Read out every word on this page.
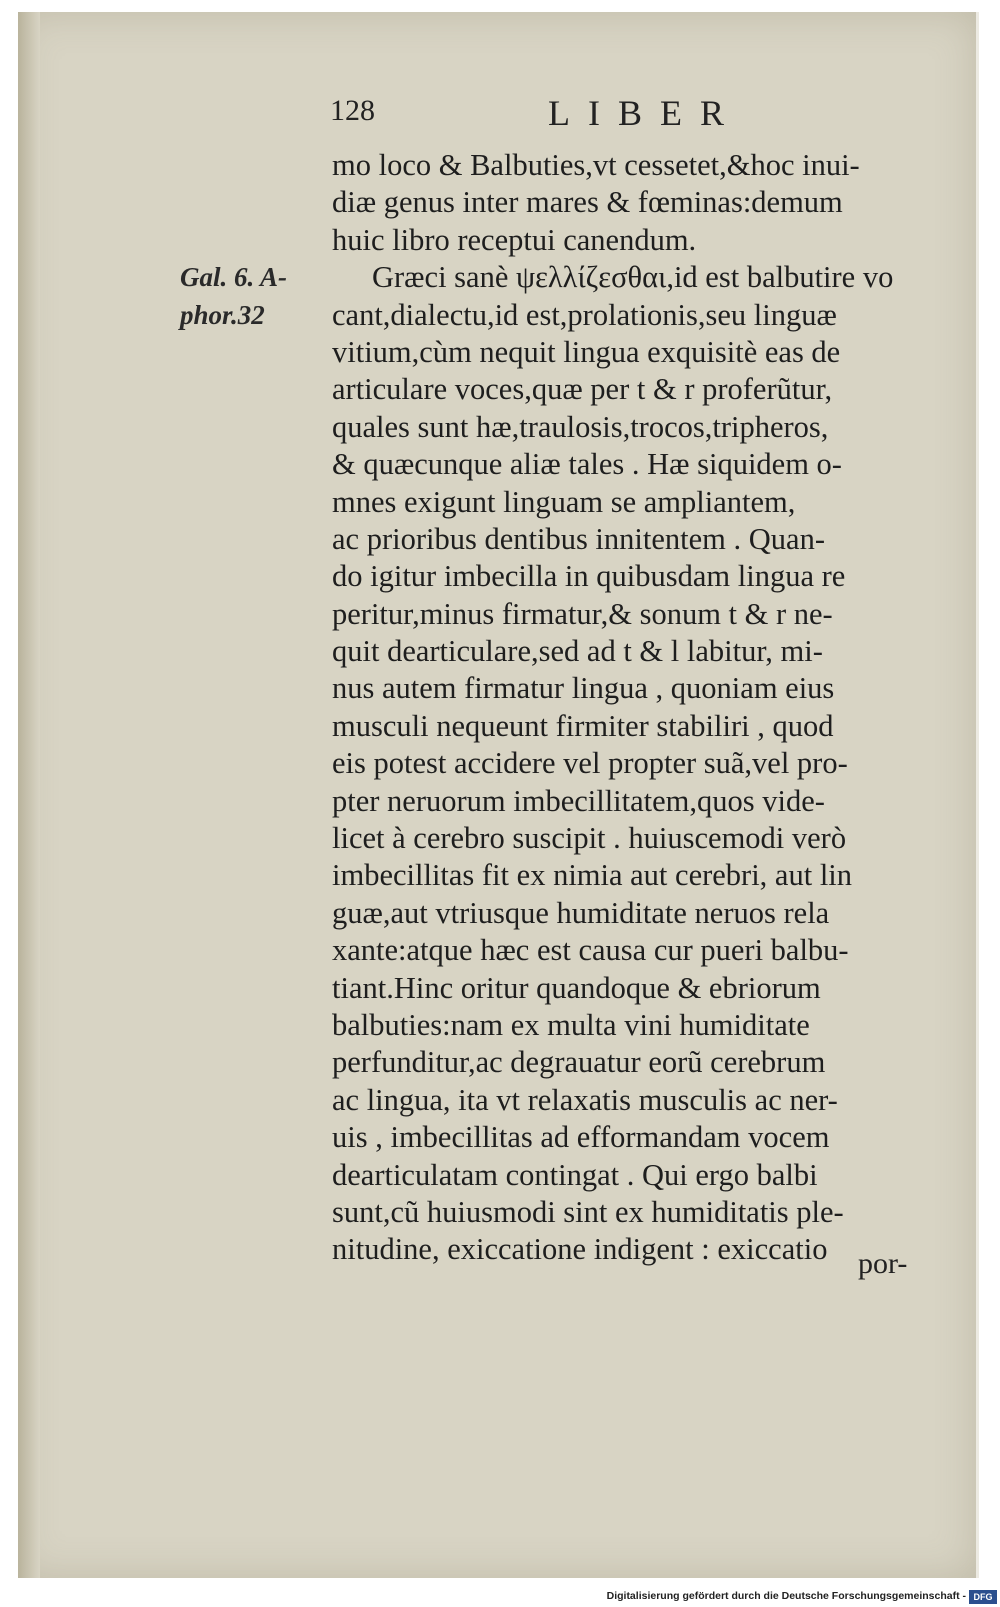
128	LIBER
Gal. 6. A-
phor.32
mo loco & Balbuties,vt cessetet,&hoc inui-
diæ genus inter mares & fœminas:demum
huic libro receptui canendum.
Græci sanè ψελλίζεσθαι,id est balbutire vo
cant,dialectu,id est,prolationis,seu linguæ
vitium,cùm nequit lingua exquisitè eas de
articulare voces,quæ per t & r proferũtur,
quales sunt hæ,traulosis,trocos,tripheros,
& quæcunque aliæ tales . Hæ siquidem o-
mnes exigunt linguam se ampliantem,
ac prioribus dentibus innitentem . Quan-
do igitur imbecilla in quibusdam lingua re
peritur,minus firmatur,& sonum t & r ne-
quit dearticulare,sed ad t & l labitur, mi-
nus autem firmatur lingua , quoniam eius
musculi nequeunt firmiter stabiliri , quod
eis potest accidere vel propter suã,vel pro-
pter neruorum imbecillitatem,quos vide-
licet à cerebro suscipit . huiuscemodi verò
imbecillitas fit ex nimia aut cerebri, aut lin
guæ,aut vtriusque humiditate neruos rela
xante:atque hæc est causa cur pueri balbu-
tiant.Hinc oritur quandoque & ebriorum
balbuties:nam ex multa vini humiditate
perfunditur,ac degrauatur eorũ cerebrum
ac lingua, ita vt relaxatis musculis ac ner-
uis , imbecillitas ad efformandam vocem
dearticulatam contingat . Qui ergo balbi
sunt,cũ huiusmodi sint ex humiditatis ple-
nitudine, exiccatione indigent : exiccatio	por-
Digitalisierung gefördert durch die Deutsche Forschungsgemeinschaft - DFG
